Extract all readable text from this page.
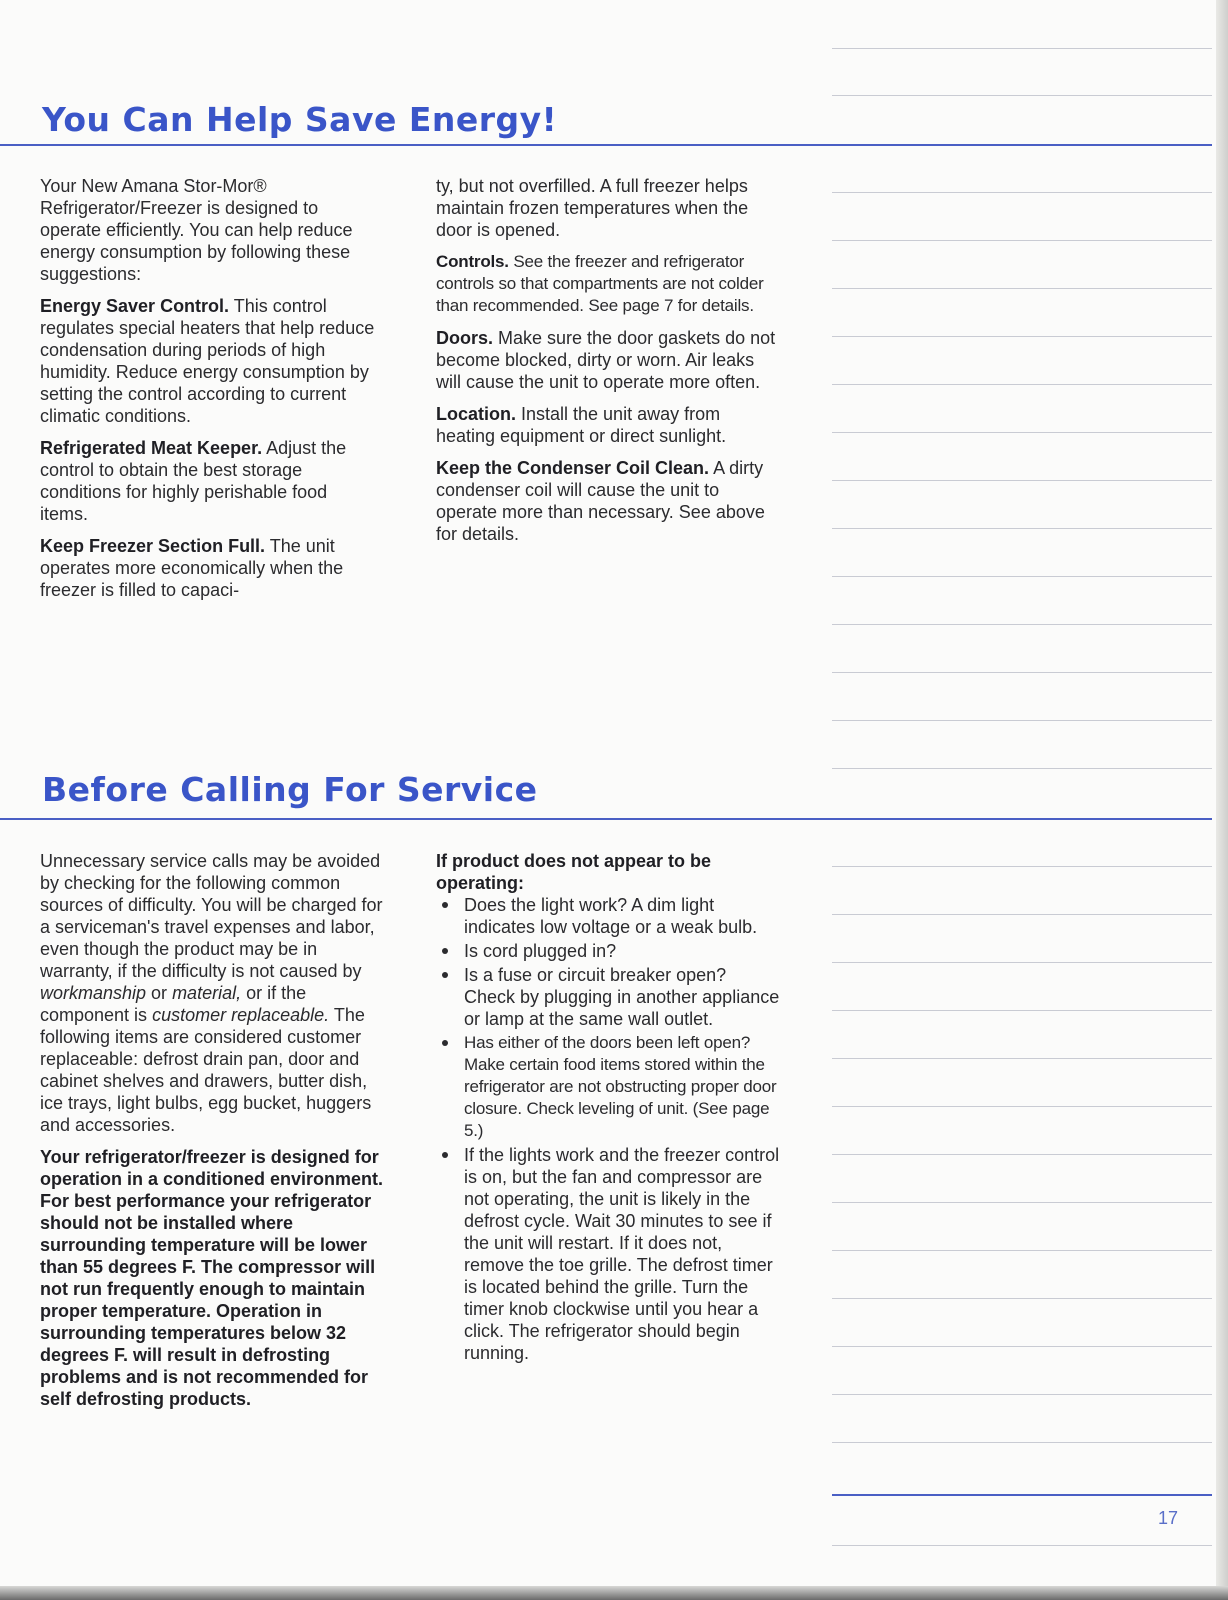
You Can Help Save Energy!

Your New Amana Stor-Mor® Refrigerator/Freezer is designed to operate efficiently. You can help reduce energy consumption by following these suggestions:

Energy Saver Control. This control regulates special heaters that help reduce condensation during periods of high humidity. Reduce energy consumption by setting the control according to current climatic conditions.

Refrigerated Meat Keeper. Adjust the control to obtain the best storage conditions for highly perishable food items.

Keep Freezer Section Full. The unit operates more economically when the freezer is filled to capaci-

ty, but not overfilled. A full freezer helps maintain frozen temperatures when the door is opened.

Controls. See the freezer and refrigerator controls so that compartments are not colder than recommended. See page 7 for details.

Doors. Make sure the door gaskets do not become blocked, dirty or worn. Air leaks will cause the unit to operate more often.

Location. Install the unit away from heating equipment or direct sunlight.

Keep the Condenser Coil Clean. A dirty condenser coil will cause the unit to operate more than necessary. See above for details.

Before Calling For Service

Unnecessary service calls may be avoided by checking for the following common sources of difficulty. You will be charged for a serviceman's travel expenses and labor, even though the product may be in warranty, if the difficulty is not caused by workmanship or material, or if the component is customer replaceable. The following items are considered customer replaceable: defrost drain pan, door and cabinet shelves and drawers, butter dish, ice trays, light bulbs, egg bucket, huggers and accessories.

Your refrigerator/freezer is designed for operation in a conditioned environment. For best performance your refrigerator should not be installed where surrounding temperature will be lower than 55 degrees F. The compressor will not run frequently enough to maintain proper temperature. Operation in surrounding temperatures below 32 degrees F. will result in defrosting problems and is not recommended for self defrosting products.

If product does not appear to be operating:

Does the light work? A dim light indicates low voltage or a weak bulb.
Is cord plugged in?
Is a fuse or circuit breaker open? Check by plugging in another appliance or lamp at the same wall outlet.
Has either of the doors been left open? Make certain food items stored within the refrigerator are not obstructing proper door closure. Check leveling of unit. (See page 5.)
If the lights work and the freezer control is on, but the fan and compressor are not operating, the unit is likely in the defrost cycle. Wait 30 minutes to see if the unit will restart. If it does not, remove the toe grille. The defrost timer is located behind the grille. Turn the timer knob clockwise until you hear a click. The refrigerator should begin running.
17
